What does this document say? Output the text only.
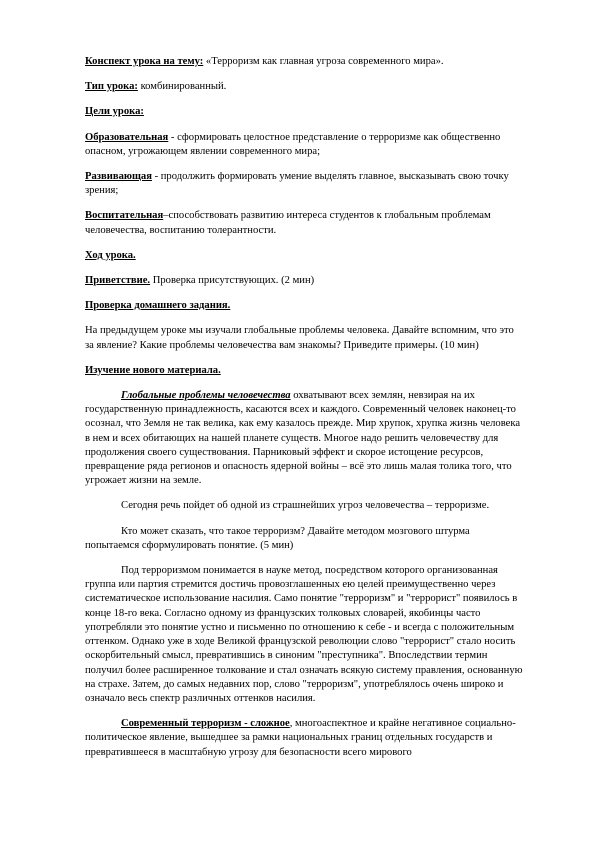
Конспект урока на тему: «Терроризм как главная угроза современного мира».

Тип урока: комбинированный.

Цели урока:

Образовательная - сформировать целостное представление о терроризме как общественно опасном, угрожающем явлении современного мира;

Развивающая - продолжить формировать умение выделять главное, высказывать свою точку зрения;

Воспитательная–способствовать развитию интереса студентов к глобальным проблемам человечества, воспитанию толерантности.

Ход урока.

Приветствие. Проверка присутствующих. (2 мин)

Проверка домашнего задания.

На предыдущем уроке мы изучали глобальные проблемы человека. Давайте вспомним, что это за явление? Какие проблемы человечества вам знакомы? Приведите примеры. (10 мин)

Изучение нового материала.

Глобальные проблемы человечества охватывают всех землян, невзирая на их государственную принадлежность, касаются всех и каждого. Современный человек наконец-то осознал, что Земля не так велика, как ему казалось прежде. Мир хрупок, хрупка жизнь человека в нем и всех обитающих на нашей планете существ. Многое надо решить человечеству для продолжения своего существования. Парниковый эффект и скорое истощение ресурсов, превращение ряда регионов и опасность ядерной войны – всё это лишь малая толика того, что угрожает жизни на земле.

Сегодня речь пойдет об одной из страшнейших угроз человечества – терроризме.

Кто может сказать, что такое терроризм? Давайте методом мозгового штурма попытаемся сформулировать понятие. (5 мин)

Под терроризмом понимается в науке метод, посредством которого организованная группа или партия стремится достичь провозглашенных ею целей преимущественно через систематическое использование насилия. Само понятие "терроризм" и "террорист" появилось в конце 18-го века. Согласно одному из французских толковых словарей, якобинцы часто употребляли это понятие устно и письменно по отношению к себе - и всегда с положительным оттенком. Однако уже в ходе Великой французской революции слово "террорист" стало носить оскорбительный смысл, превратившись в синоним "преступника". Впоследствии термин получил более расширенное толкование и стал означать всякую систему правления, основанную на страхе. Затем, до самых недавних пор, слово "терроризм", употреблялось очень широко и означало весь спектр различных оттенков насилия.

Современный терроризм - сложное, многоаспектное и крайне негативное социально-политическое явление, вышедшее за рамки национальных границ отдельных государств и превратившееся в масштабную угрозу для безопасности всего мирового
